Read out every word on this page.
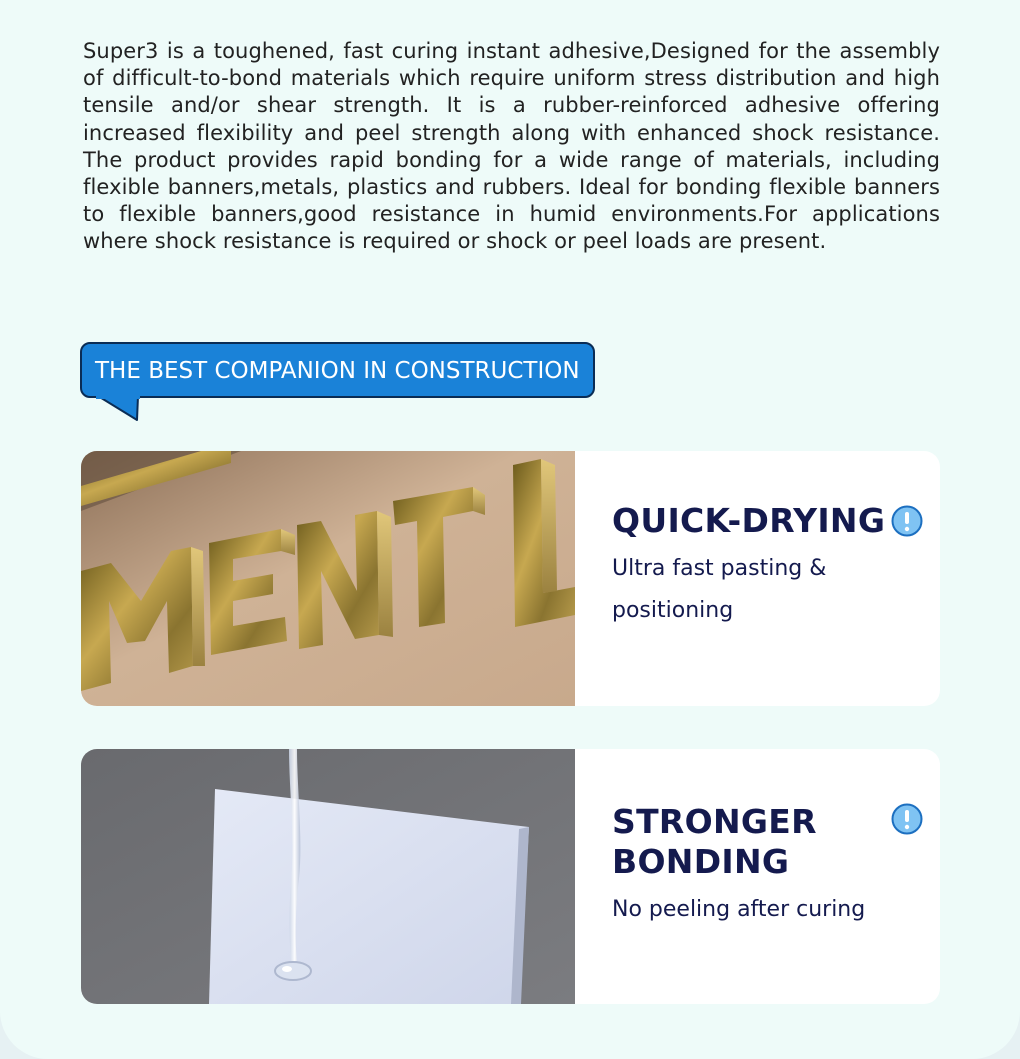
Super3 is a toughened, fast curing instant adhesive,Designed for the assembly of difficult-to-bond materials which require uniform stress distribution and high tensile and/or shear strength. It is a rubber-reinforced adhesive offering increased flexibility and peel strength along with enhanced shock resistance. The product provides rapid bonding for a wide range of materials, including flexible banners,metals, plastics and rubbers. Ideal for bonding flexible banners to flexible banners,good resistance in humid environments.For applications where shock resistance is required or shock or peel loads are present.

THE BEST COMPANION IN CONSTRUCTION
QUICK-DRYING

Ultra fast pasting & positioning

STRONGER BONDING

No peeling after curing
